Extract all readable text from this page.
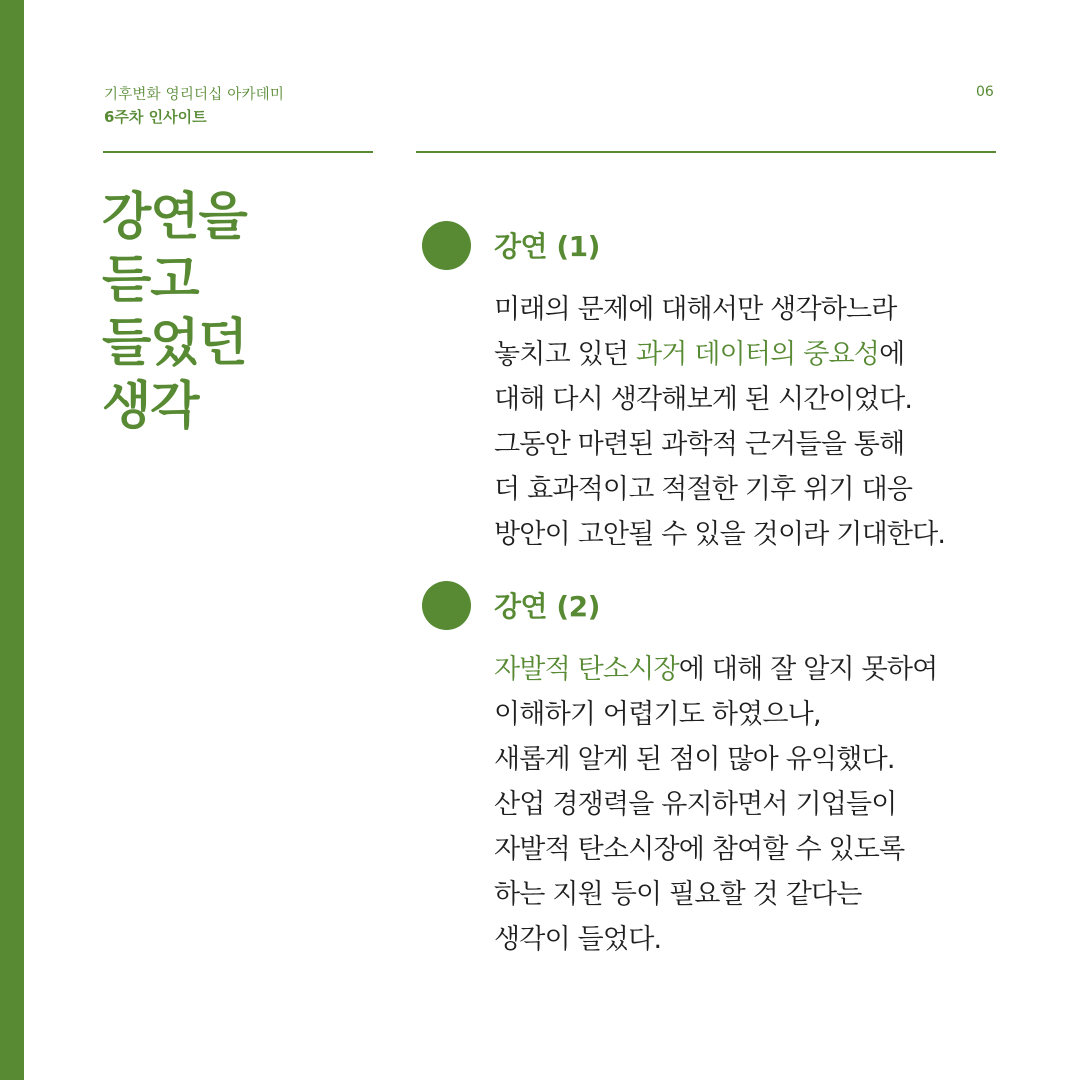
기후변화 영리더십 아카데미
6주차 인사이트
06
강연을
듣고
들었던
생각
강연 (1)
미래의 문제에 대해서만 생각하느라
놓치고 있던 과거 데이터의 중요성에
대해 다시 생각해보게 된 시간이었다.
그동안 마련된 과학적 근거들을 통해
더 효과적이고 적절한 기후 위기 대응
방안이 고안될 수 있을 것이라 기대한다.
강연 (2)
자발적 탄소시장에 대해 잘 알지 못하여
이해하기 어렵기도 하였으나,
새롭게 알게 된 점이 많아 유익했다.
산업 경쟁력을 유지하면서 기업들이
자발적 탄소시장에 참여할 수 있도록
하는 지원 등이 필요할 것 같다는
생각이 들었다.
